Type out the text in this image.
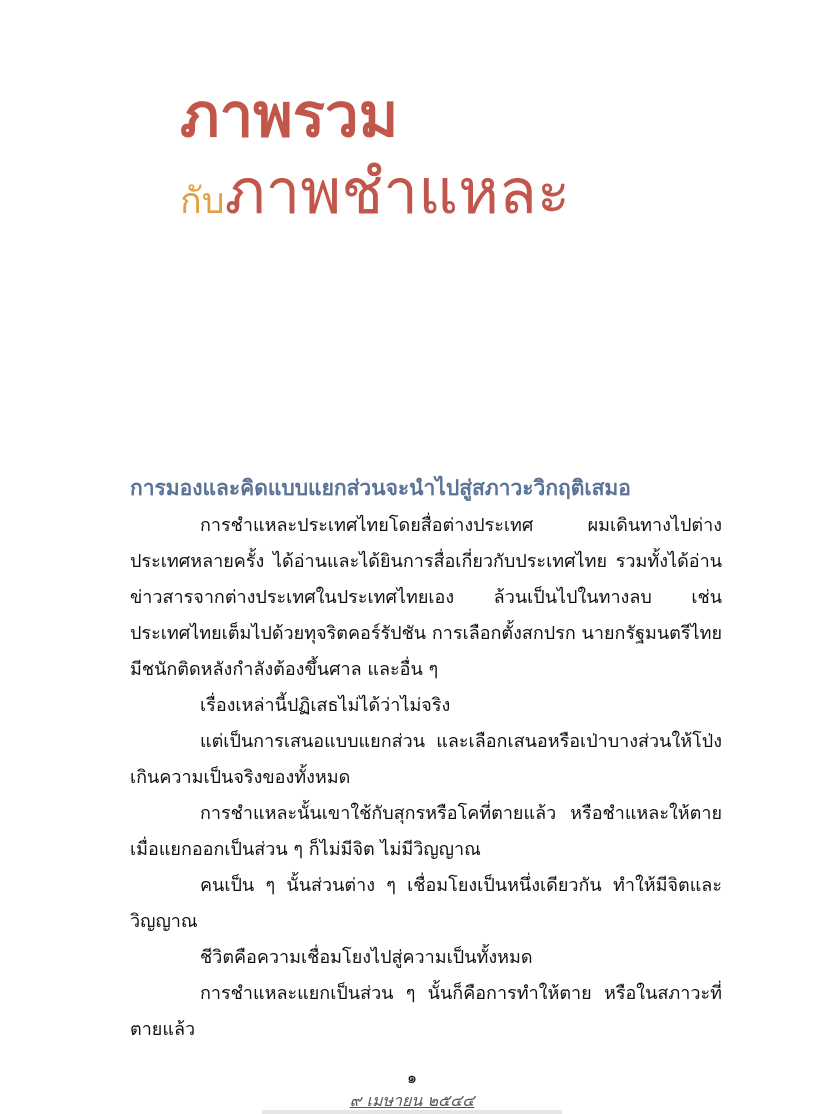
ภาพรวม
กับภาพชำแหละ
การมองและคิดแบบแยกส่วนจะนำไปสู่สภาวะวิกฤติเสมอ

การชำแหละประเทศไทยโดยสื่อต่างประเทศ ผมเดินทางไปต่างประเทศหลายครั้ง ได้อ่านและได้ยินการสื่อเกี่ยวกับประเทศไทย รวมทั้งได้อ่านข่าวสารจากต่างประเทศในประเทศไทยเอง ล้วนเป็นไปในทางลบ เช่น ประเทศไทยเต็มไปด้วยทุจริตคอร์รัปชัน การเลือกตั้งสกปรก นายกรัฐมนตรีไทยมีชนักติดหลังกำลังต้องขึ้นศาล และอื่น ๆ

เรื่องเหล่านี้ปฏิเสธไม่ได้ว่าไม่จริง

แต่เป็นการเสนอแบบแยกส่วน และเลือกเสนอหรือเป่าบางส่วนให้โป่งเกินความเป็นจริงของทั้งหมด

การชำแหละนั้นเขาใช้กับสุกรหรือโคที่ตายแล้ว หรือชำแหละให้ตาย เมื่อแยกออกเป็นส่วน ๆ ก็ไม่มีจิต ไม่มีวิญญาณ

คนเป็น ๆ นั้นส่วนต่าง ๆ เชื่อมโยงเป็นหนึ่งเดียวกัน ทำให้มีจิตและวิญญาณ

ชีวิตคือความเชื่อมโยงไปสู่ความเป็นทั้งหมด

การชำแหละแยกเป็นส่วน ๆ นั้นก็คือการทำให้ตาย หรือในสภาวะที่ตายแล้ว

๑
๙ เมษายน ๒๕๔๔
